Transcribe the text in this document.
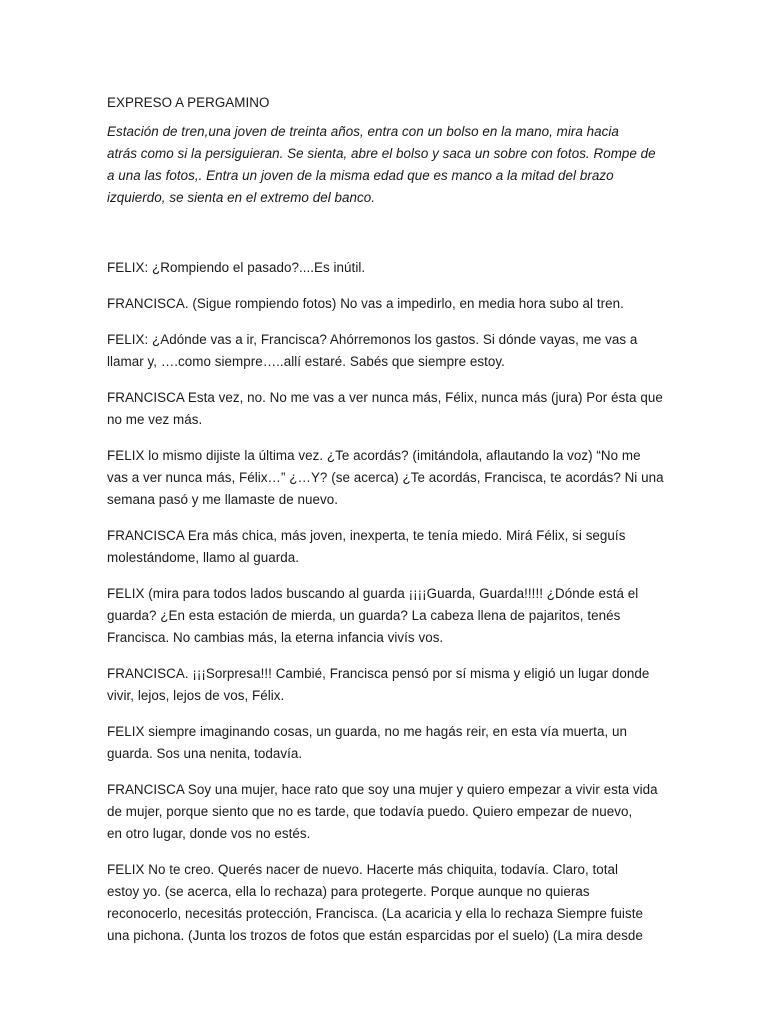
EXPRESO A PERGAMINO
Estación de tren,una joven de treinta años, entra con un bolso en la mano, mira hacia
atrás como si la persiguieran. Se sienta, abre el bolso y saca un sobre con fotos. Rompe de
a una las fotos,. Entra un joven de la misma edad que es manco a la mitad del brazo
izquierdo, se sienta en el extremo del banco.
FELIX: ¿Rompiendo el pasado?....Es inútil.
FRANCISCA. (Sigue rompiendo fotos) No vas a impedirlo, en media hora subo al tren.
FELIX: ¿Adónde vas a ir, Francisca? Ahórremonos los gastos. Si dónde vayas, me vas a
llamar y, ….como siempre…..allí estaré. Sabés que siempre estoy.
FRANCISCA Esta vez, no. No me vas a ver nunca más, Félix, nunca más (jura) Por ésta que
no me vez más.
FELIX lo mismo dijiste la última vez. ¿Te acordás? (imitándola, aflautando la voz) “No me
vas a ver nunca más, Félix…” ¿…Y? (se acerca) ¿Te acordás, Francisca, te acordás? Ni una
semana pasó y me llamaste de nuevo.
FRANCISCA Era más chica, más joven, inexperta, te tenía miedo. Mirá Félix, si seguís
molestándome, llamo al guarda.
FELIX (mira para todos lados buscando al guarda ¡¡¡¡Guarda, Guarda!!!!! ¿Dónde está el
guarda? ¿En esta estación de mierda, un guarda? La cabeza llena de pajaritos, tenés
Francisca. No cambias más, la eterna infancia vivís vos.
FRANCISCA. ¡¡¡Sorpresa!!! Cambié, Francisca pensó por sí misma y eligió un lugar donde
vivir, lejos, lejos de vos, Félix.
FELIX siempre imaginando cosas, un guarda, no me hagás reir, en esta vía muerta, un
guarda. Sos una nenita, todavía.
FRANCISCA Soy una mujer, hace rato que soy una mujer y quiero empezar a vivir esta vida
de mujer, porque siento que no es tarde, que todavía puedo. Quiero empezar de nuevo,
en otro lugar, donde vos no estés.
FELIX No te creo. Querés nacer de nuevo. Hacerte más chiquita, todavía. Claro, total
estoy yo. (se acerca, ella lo rechaza) para protegerte. Porque aunque no quieras
reconocerlo, necesitás protección, Francisca. (La acaricia y ella lo rechaza Siempre fuiste
una pichona. (Junta los trozos de fotos que están esparcidas por el suelo) (La mira desde
